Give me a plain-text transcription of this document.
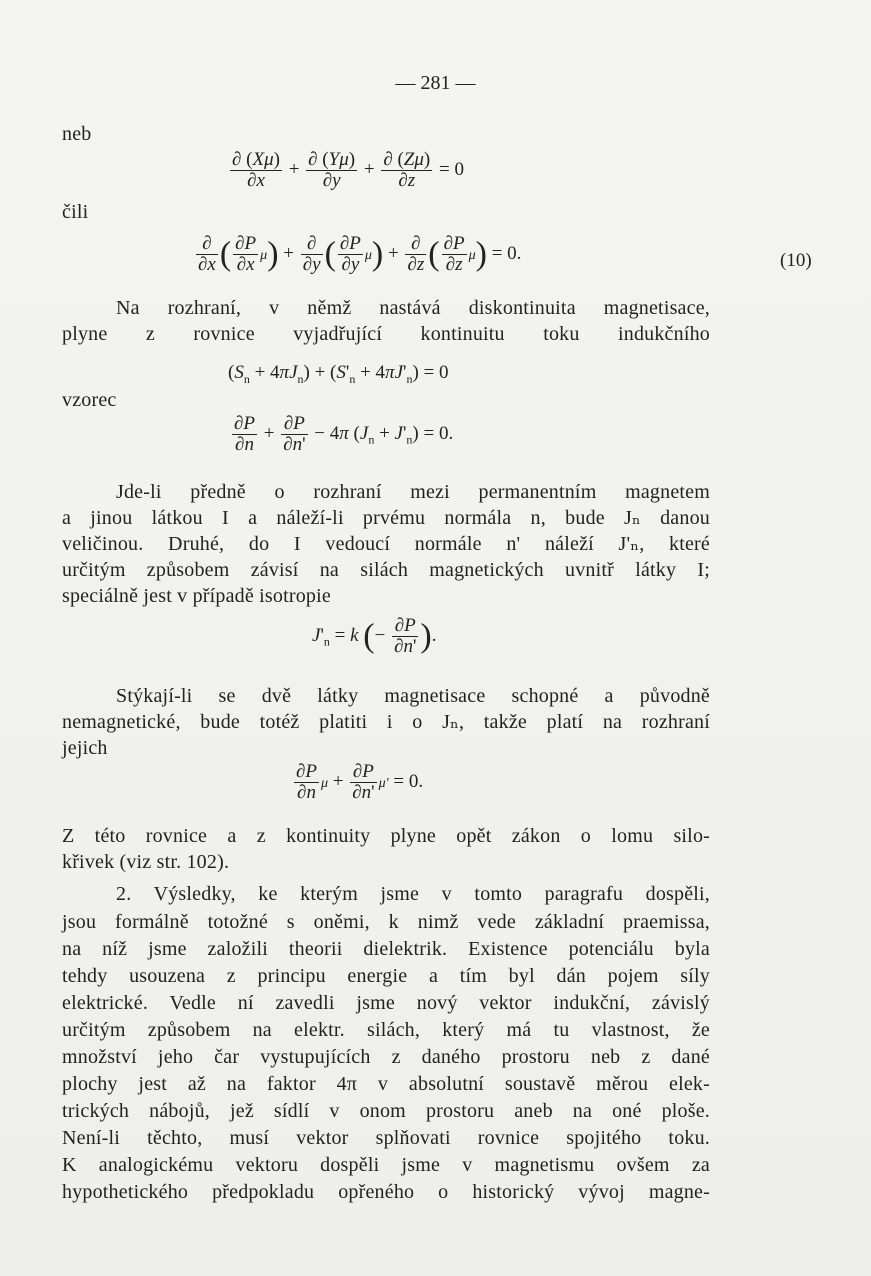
— 281 —
neb
$\frac{\partial (X\mu)}{\partial x} + \frac{\partial (Y\mu)}{\partial y} + \frac{\partial (Z\mu)}{\partial z} = 0$
čili
∂
∂x ( $\frac{\partial P}{\partial x} \mu$) + ∂
∂y ( $\frac{\partial P}{\partial y} \mu$) + ∂
∂z ( $\frac{\partial P}{\partial z} \mu) = 0$.	(10)
Na rozhraní, v němž nastává diskontinuita magnetisace,
plyne z rovnice vyjadřující kontinuitu toku indukčního
$(S_n + 4\pi J_n) + (S'_n + 4\pi J'_n) = 0$
vzorec
$\frac{\partial P}{\partial n} + \frac{\partial P}{\partial n'} - 4\pi$ $(J_n + J'_n) = 0$.
Jde-li předně o rozhraní mezi permanentním magnetem
a jinou látkou I a náleží-li prvému normála n, bude Jₙ danou
veličinou. Druhé, do I vedoucí normále n' náleží J'ₙ, které
určitým způsobem závisí na silách magnetických uvnitř látky I;
speciálně jest v případě isotropie
$J'_n = k$ (− $\frac{\partial P}{\partial n'}$ ).
Stýkají-li se dvě látky magnetisace schopné a původně
nemagnetické, bude totéž platiti i o Jₙ, takže platí na rozhraní
jejich
$\frac{\partial P}{\partial n}$ $\mu + \frac{\partial P}{\partial n'} \mu' = 0$.
Z této rovnice a z kontinuity plyne opět zákon o lomu silo-
křivek (viz str. 102).
2. Výsledky, ke kterým jsme v tomto paragrafu dospěli,
jsou formálně totožné s oněmi, k nimž vede základní praemissa,
na níž jsme založili theorii dielektrik. Existence potenciálu byla
tehdy usouzena z principu energie a tím byl dán pojem síly
elektrické. Vedle ní zavedli jsme nový vektor indukční, závislý
určitým způsobem na elektr. silách, který má tu vlastnost, že
množství jeho čar vystupujících z daného prostoru neb z dané
plochy jest až na faktor 4π v absolutní soustavě měrou elek-
trických nábojů, jež sídlí v onom prostoru aneb na oné ploše.
Není-li těchto, musí vektor splňovati rovnice spojitého toku.
K analogickému vektoru dospěli jsme v magnetismu ovšem za
hypothetického předpokladu opřeného o historický vývoj magne-
